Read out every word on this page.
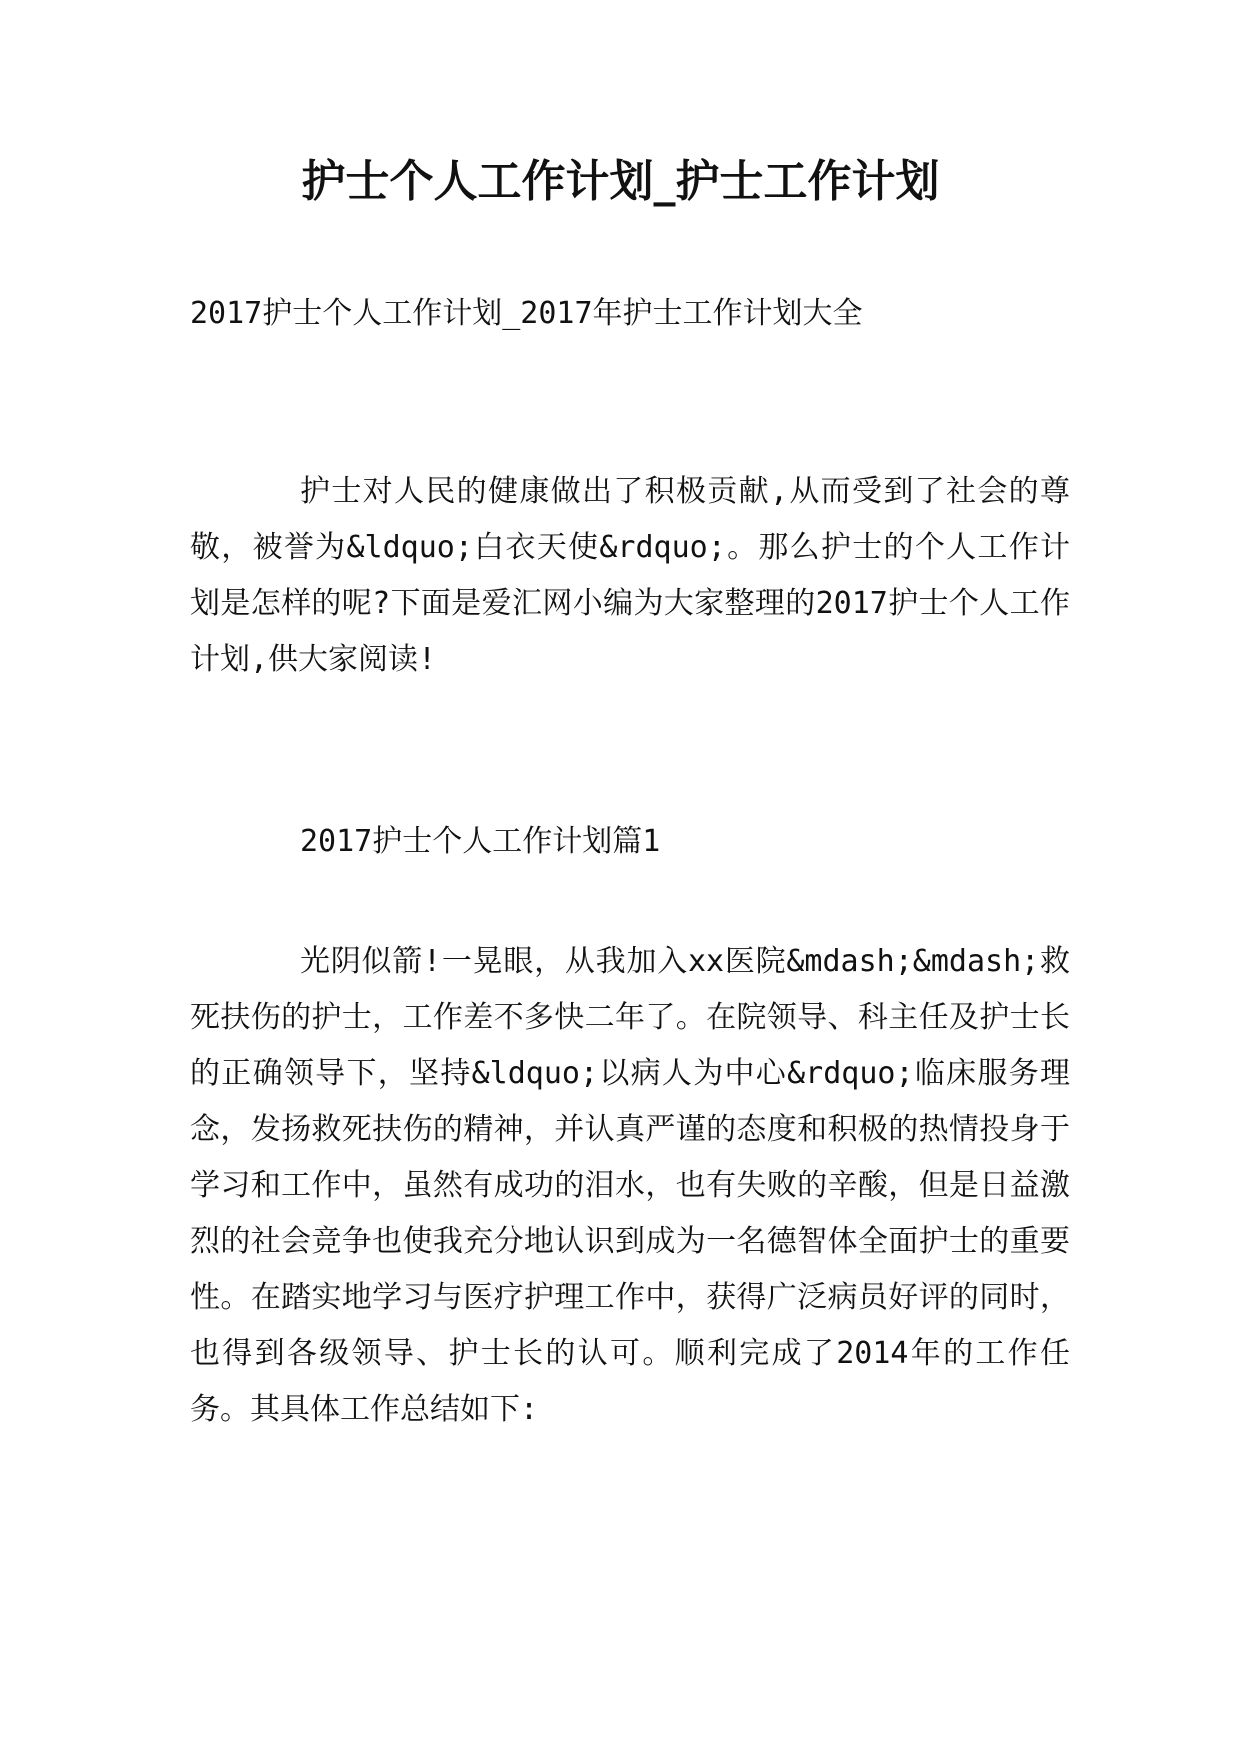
护士个人工作计划_护士工作计划

2017护士个人工作计划_2017年护士工作计划大全

护士对人民的健康做出了积极贡献,从而受到了社会的尊敬，被誉为&ldquo;白衣天使&rdquo;。那么护士的个人工作计划是怎样的呢?下面是爱汇网小编为大家整理的2017护士个人工作计划,供大家阅读!

2017护士个人工作计划篇1

光阴似箭!一晃眼，从我加入xx医院&mdash;&mdash;救死扶伤的护士，工作差不多快二年了。在院领导、科主任及护士长的正确领导下，坚持&ldquo;以病人为中心&rdquo;临床服务理念，发扬救死扶伤的精神，并认真严谨的态度和积极的热情投身于学习和工作中，虽然有成功的泪水，也有失败的辛酸，但是日益激烈的社会竞争也使我充分地认识到成为一名德智体全面护士的重要性。在踏实地学习与医疗护理工作中，获得广泛病员好评的同时，也得到各级领导、护士长的认可。顺利完成了2014年的工作任务。其具体工作总结如下:
